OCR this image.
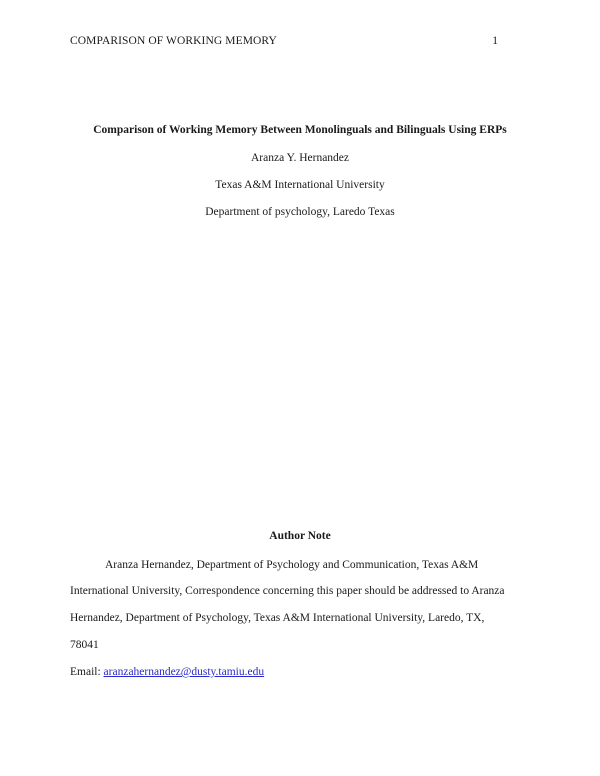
COMPARISON OF WORKING MEMORY	1
Comparison of Working Memory Between Monolinguals and Bilinguals Using ERPs
Aranza Y. Hernandez
Texas A&M International University
Department of psychology, Laredo Texas
Author Note
Aranza Hernandez, Department of Psychology and Communication, Texas A&M
International University, Correspondence concerning this paper should be addressed to Aranza
Hernandez, Department of Psychology, Texas A&M International University, Laredo, TX,
78041
Email: aranzahernandez@dusty.tamiu.edu
